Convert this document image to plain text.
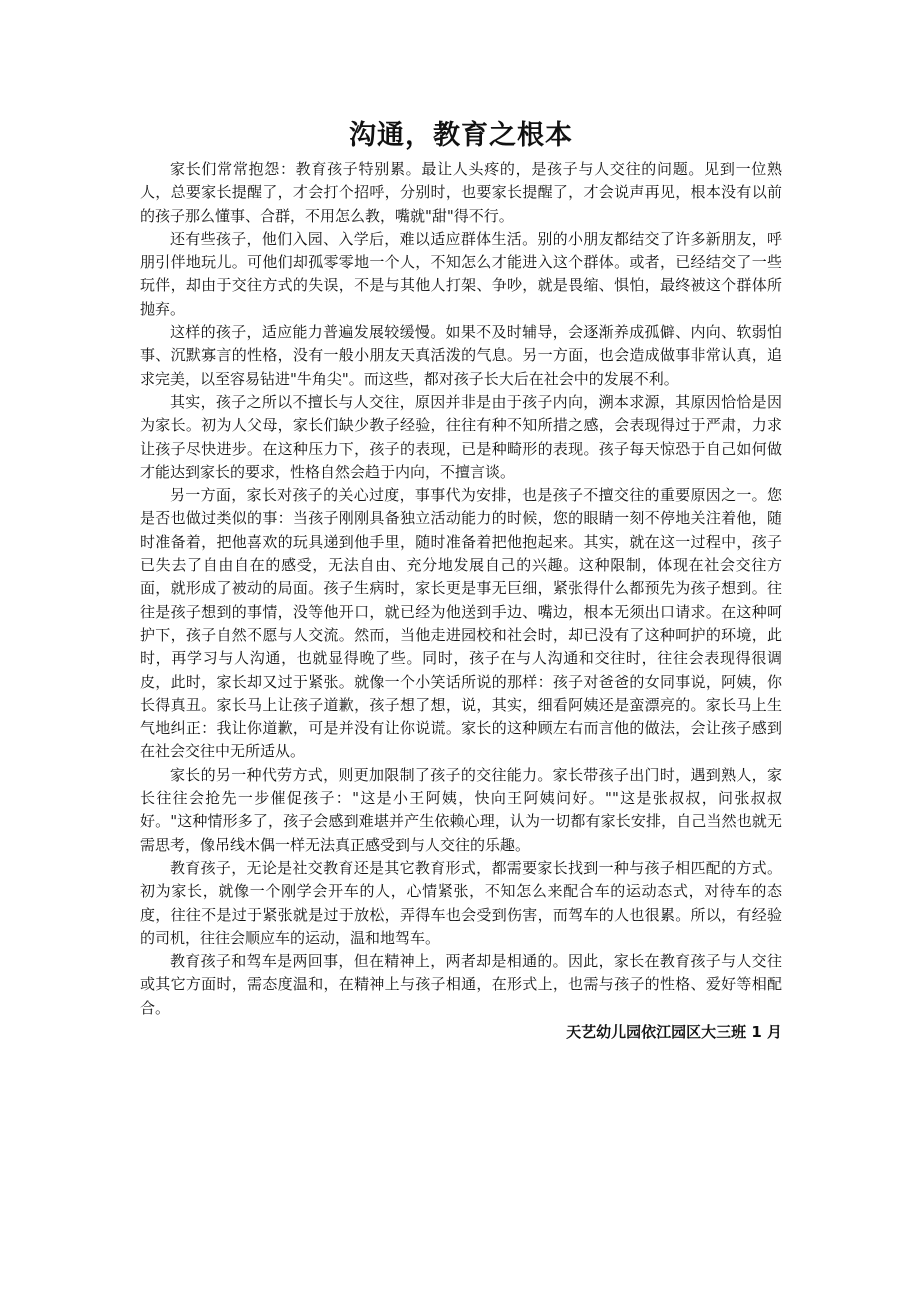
沟通，教育之根本

家长们常常抱怨：教育孩子特别累。最让人头疼的，是孩子与人交往的问题。见到一位熟人，总要家长提醒了，才会打个招呼，分别时，也要家长提醒了，才会说声再见，根本没有以前的孩子那么懂事、合群，不用怎么教，嘴就"甜"得不行。

还有些孩子，他们入园、入学后，难以适应群体生活。别的小朋友都结交了许多新朋友，呼朋引伴地玩儿。可他们却孤零零地一个人，不知怎么才能进入这个群体。或者，已经结交了一些玩伴，却由于交往方式的失误，不是与其他人打架、争吵，就是畏缩、惧怕，最终被这个群体所抛弃。

这样的孩子，适应能力普遍发展较缓慢。如果不及时辅导，会逐渐养成孤僻、内向、软弱怕事、沉默寡言的性格，没有一般小朋友天真活泼的气息。另一方面，也会造成做事非常认真，追求完美，以至容易钻进"牛角尖"。而这些，都对孩子长大后在社会中的发展不利。

其实，孩子之所以不擅长与人交往，原因并非是由于孩子内向，溯本求源，其原因恰恰是因为家长。初为人父母，家长们缺少教子经验，往往有种不知所措之感，会表现得过于严肃，力求让孩子尽快进步。在这种压力下，孩子的表现，已是种畸形的表现。孩子每天惊恐于自己如何做才能达到家长的要求，性格自然会趋于内向，不擅言谈。

另一方面，家长对孩子的关心过度，事事代为安排，也是孩子不擅交往的重要原因之一。您是否也做过类似的事：当孩子刚刚具备独立活动能力的时候，您的眼睛一刻不停地关注着他，随时准备着，把他喜欢的玩具递到他手里，随时准备着把他抱起来。其实，就在这一过程中，孩子已失去了自由自在的感受，无法自由、充分地发展自己的兴趣。这种限制，体现在社会交往方面，就形成了被动的局面。孩子生病时，家长更是事无巨细，紧张得什么都预先为孩子想到。往往是孩子想到的事情，没等他开口，就已经为他送到手边、嘴边，根本无须出口请求。在这种呵护下，孩子自然不愿与人交流。然而，当他走进园校和社会时，却已没有了这种呵护的环境，此时，再学习与人沟通，也就显得晚了些。同时，孩子在与人沟通和交往时，往往会表现得很调皮，此时，家长却又过于紧张。就像一个小笑话所说的那样：孩子对爸爸的女同事说，阿姨，你长得真丑。家长马上让孩子道歉，孩子想了想，说，其实，细看阿姨还是蛮漂亮的。家长马上生气地纠正：我让你道歉，可是并没有让你说谎。家长的这种顾左右而言他的做法，会让孩子感到在社会交往中无所适从。

家长的另一种代劳方式，则更加限制了孩子的交往能力。家长带孩子出门时，遇到熟人，家长往往会抢先一步催促孩子："这是小王阿姨，快向王阿姨问好。""这是张叔叔，问张叔叔好。"这种情形多了，孩子会感到难堪并产生依赖心理，认为一切都有家长安排，自己当然也就无需思考，像吊线木偶一样无法真正感受到与人交往的乐趣。

教育孩子，无论是社交教育还是其它教育形式，都需要家长找到一种与孩子相匹配的方式。初为家长，就像一个刚学会开车的人，心情紧张，不知怎么来配合车的运动态式，对待车的态度，往往不是过于紧张就是过于放松，弄得车也会受到伤害，而驾车的人也很累。所以，有经验的司机，往往会顺应车的运动，温和地驾车。

教育孩子和驾车是两回事，但在精神上，两者却是相通的。因此，家长在教育孩子与人交往或其它方面时，需态度温和，在精神上与孩子相通，在形式上，也需与孩子的性格、爱好等相配合。

天艺幼儿园依江园区大三班 1 月
